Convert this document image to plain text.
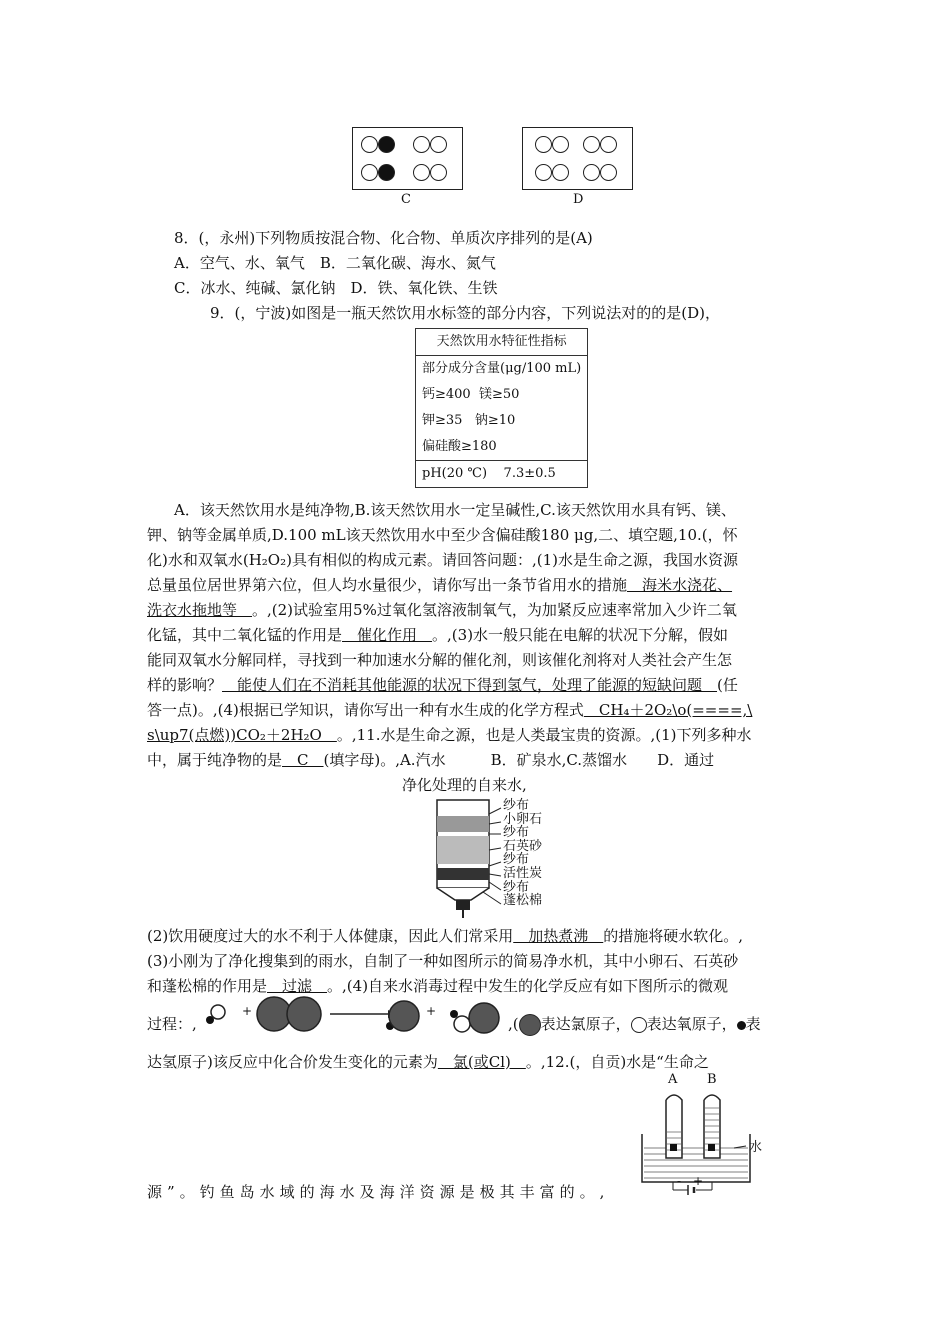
C	D
8．(，永州)下列物质按混合物、化合物、单质次序排列的是(A)
A．空气、水、氧气　B．二氧化碳、海水、氮气
C．冰水、纯碱、氯化钠　D．铁、氧化铁、生铁
9．(，宁波)如图是一瓶天然饮用水标签的部分内容，下列说法对的的是(D)，
天然饮用水特征性指标
部分成分含量(μg/100 mL)
钙≥400  镁≥50
钾≥35   钠≥10
偏硅酸≥180
pH(20 ℃)    7.3±0.5
A．该天然饮用水是纯净物,B.该天然饮用水一定呈碱性,C.该天然饮用水具有钙、镁、
钾、钠等金属单质,D.100 mL该天然饮用水中至少含偏硅酸180 μg,二、填空题,10.(，怀
化)水和双氧水(H₂O₂)具有相似的构成元素。请回答问题：,(1)水是生命之源，我国水资源
总量虽位居世界第六位，但人均水量很少，请你写出一条节省用水的措施　海米水浇花、
洗衣水拖地等　。,(2)试验室用5%过氧化氢溶液制氧气，为加紧反应速率常加入少许二氧
化锰，其中二氧化锰的作用是　催化作用　。,(3)水一般只能在电解的状况下分解，假如
能同双氧水分解同样，寻找到一种加速水分解的催化剂，则该催化剂将对人类社会产生怎
样的影响？　能使人们在不消耗其他能源的状况下得到氢气，处理了能源的短缺问题　(任
答一点)。,(4)根据已学知识，请你写出一种有水生成的化学方程式　CH₄＋2O₂\o(====,\
s\up7(点燃))CO₂＋2H₂O　。,11.水是生命之源，也是人类最宝贵的资源。,(1)下列多种水
中，属于纯净物的是　C　(填字母)。,A.汽水　　　B．矿泉水,C.蒸馏水　　D．通过
净化处理的自来水,
纱布
小卵石
纱布
石英砂
纱布
活性炭
纱布
蓬松棉
(2)饮用硬度过大的水不利于人体健康，因此人们常采用　加热煮沸　的措施将硬水软化。,
(3)小刚为了净化搜集到的雨水，自制了一种如图所示的简易净水机，其中小卵石、石英砂
和蓬松棉的作用是　过滤　。,(4)自来水消毒过程中发生的化学反应有如下图所示的微观
过程：,
+	+
,( 表达氯原子， 表达氧原子， 表
达氢原子)该反应中化合价发生变化的元素为　氯(或Cl)　。,12.(，自贡)水是“生命之
A B
水
- +
源”。钓鱼岛水域的海水及海洋资源是极其丰富的。,
